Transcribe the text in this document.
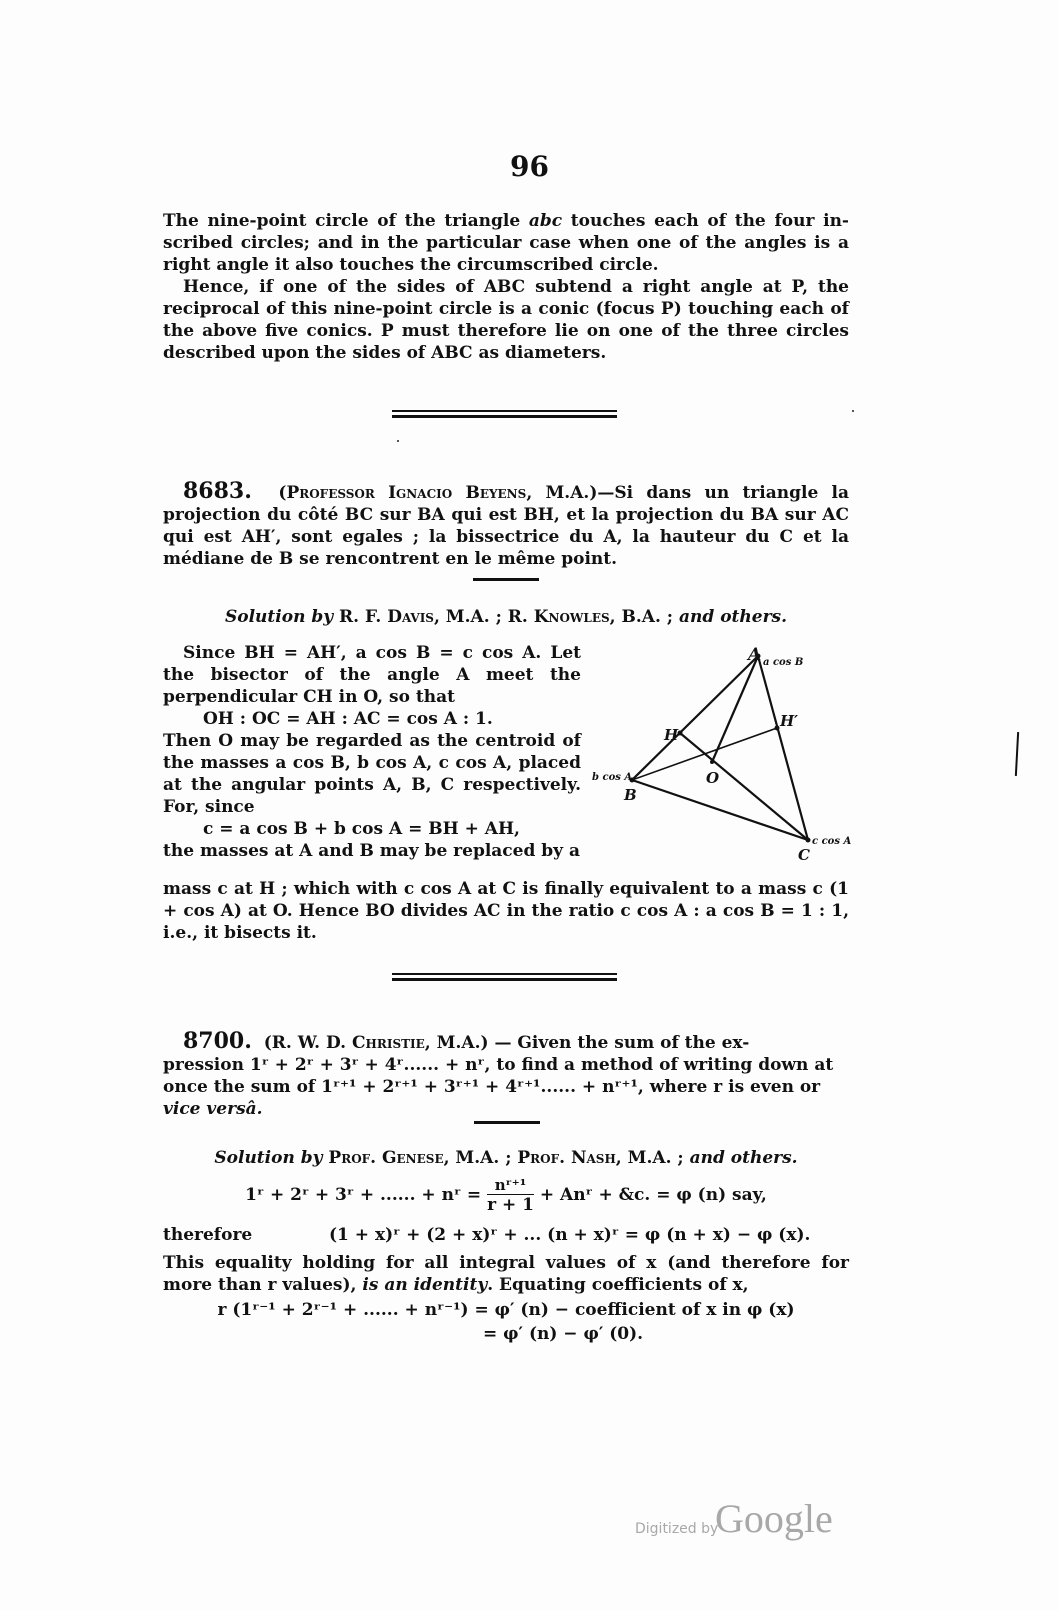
96

The nine-point circle of the triangle abc touches each of the four in-scribed circles; and in the particular case when one of the angles is a right angle it also touches the circumscribed circle.

Hence, if one of the sides of ABC subtend a right angle at P, the reciprocal of this nine-point circle is a conic (focus P) touching each of the above five conics. P must therefore lie on one of the three circles described upon the sides of ABC as diameters.

8683. (Professor Ignacio Beyens, M.A.)—Si dans un triangle la projection du côté BC sur BA qui est BH, et la projection du BA sur AC qui est AH′, sont egales ; la bissectrice du A, la hauteur du C et la médiane de B se rencontrent en le même point.

Solution by R. F. Davis, M.A. ; R. Knowles, B.A. ; and others.

Since BH = AH′, a cos B = c cos A. Let the bisector of the angle A meet the perpendicular CH in O, so that

OH : OC = AH : AC = cos A : 1.

Then O may be regarded as the centroid of the masses a cos B, b cos A, c cos A, placed at the angular points A, B, C respectively. For, since

c = a cos B + b cos A = BH + AH,

the masses at A and B may be replaced by a

mass c at H ; which with c cos A at C is finally equivalent to a mass c (1 + cos A) at O. Hence BO divides AC in the ratio c cos A : a cos B = 1 : 1, i.e., it bisects it.

A a cos B
B
b cos A
C
c cos A
H
H′
O

8700. (R. W. D. Christie, M.A.) — Given the sum of the ex-

pression 1ʳ + 2ʳ + 3ʳ + 4ʳ...... + nʳ, to find a method of writing down at

once the sum of 1ʳ⁺¹ + 2ʳ⁺¹ + 3ʳ⁺¹ + 4ʳ⁺¹...... + nʳ⁺¹, where r is even or

vice versâ.

Solution by Prof. Genese, M.A. ; Prof. Nash, M.A. ; and others.
1ʳ + 2ʳ + 3ʳ + ...... + nʳ = $\frac{\text{nʳ⁺¹}}{r + 1}$ + Anʳ + &c. = φ (n) say,
therefore	(1 + x)ʳ + (2 + x)ʳ + ... (n + x)ʳ = φ (n + x) − φ (x).

This equality holding for all integral values of x (and therefore for more than r values), is an identity. Equating coefficients of x,

r (1ʳ⁻¹ + 2ʳ⁻¹ + ...... + nʳ⁻¹) = φ′ (n) − coefficient of x in φ (x)

= φ′ (n) − φ′ (0).

Digitized by
Google
